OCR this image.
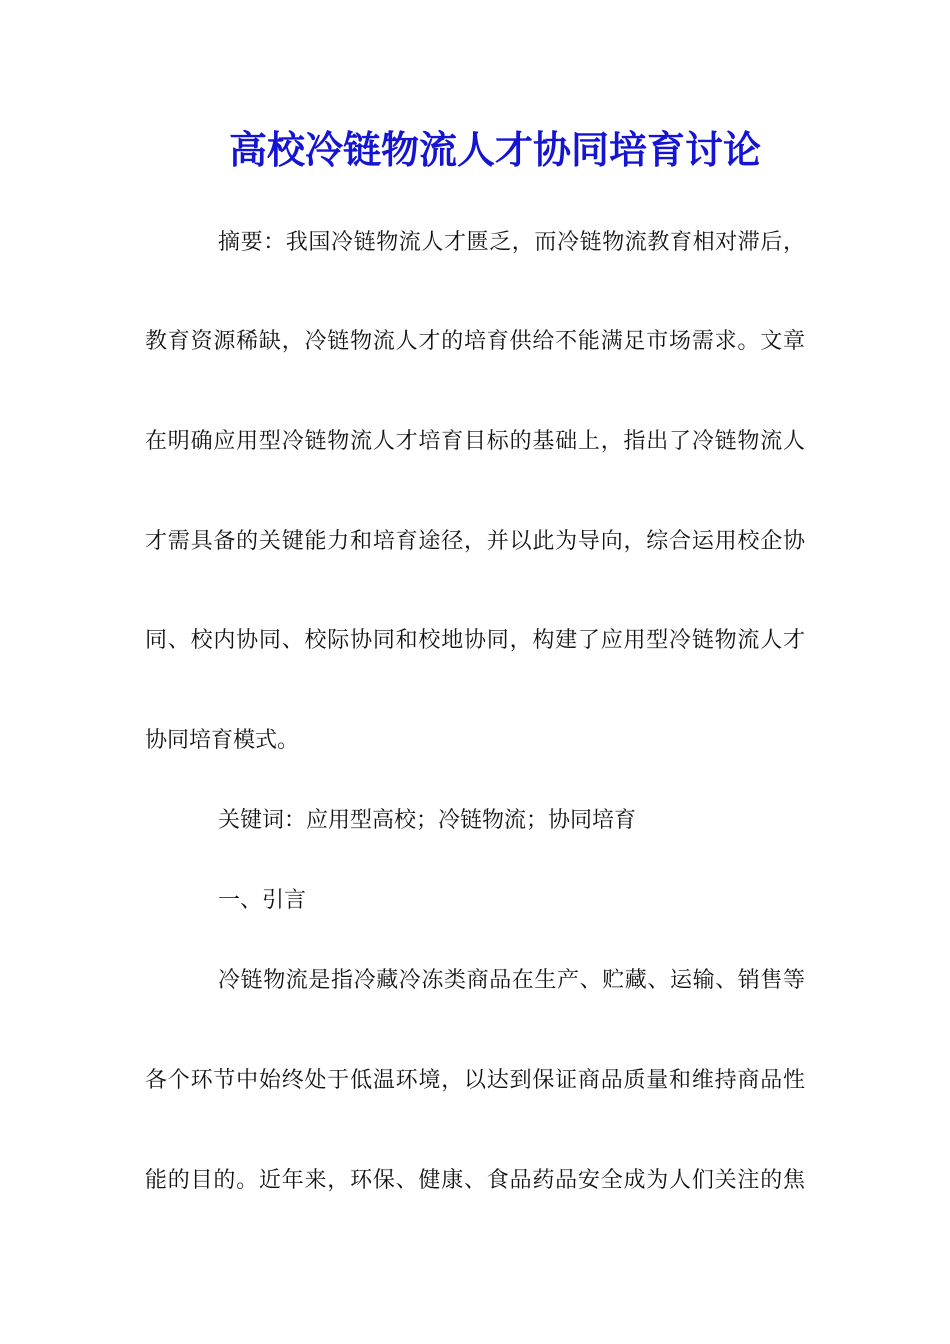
高校冷链物流人才协同培育讨论
摘要：我国冷链物流人才匮乏，而冷链物流教育相对滞后，
教育资源稀缺，冷链物流人才的培育供给不能满足市场需求。文章
在明确应用型冷链物流人才培育目标的基础上，指出了冷链物流人
才需具备的关键能力和培育途径，并以此为导向，综合运用校企协
同、校内协同、校际协同和校地协同，构建了应用型冷链物流人才
协同培育模式。
关键词：应用型高校；冷链物流；协同培育
一、引言
冷链物流是指冷藏冷冻类商品在生产、贮藏、运输、销售等
各个环节中始终处于低温环境，以达到保证商品质量和维持商品性
能的目的。近年来，环保、健康、食品药品安全成为人们关注的焦
